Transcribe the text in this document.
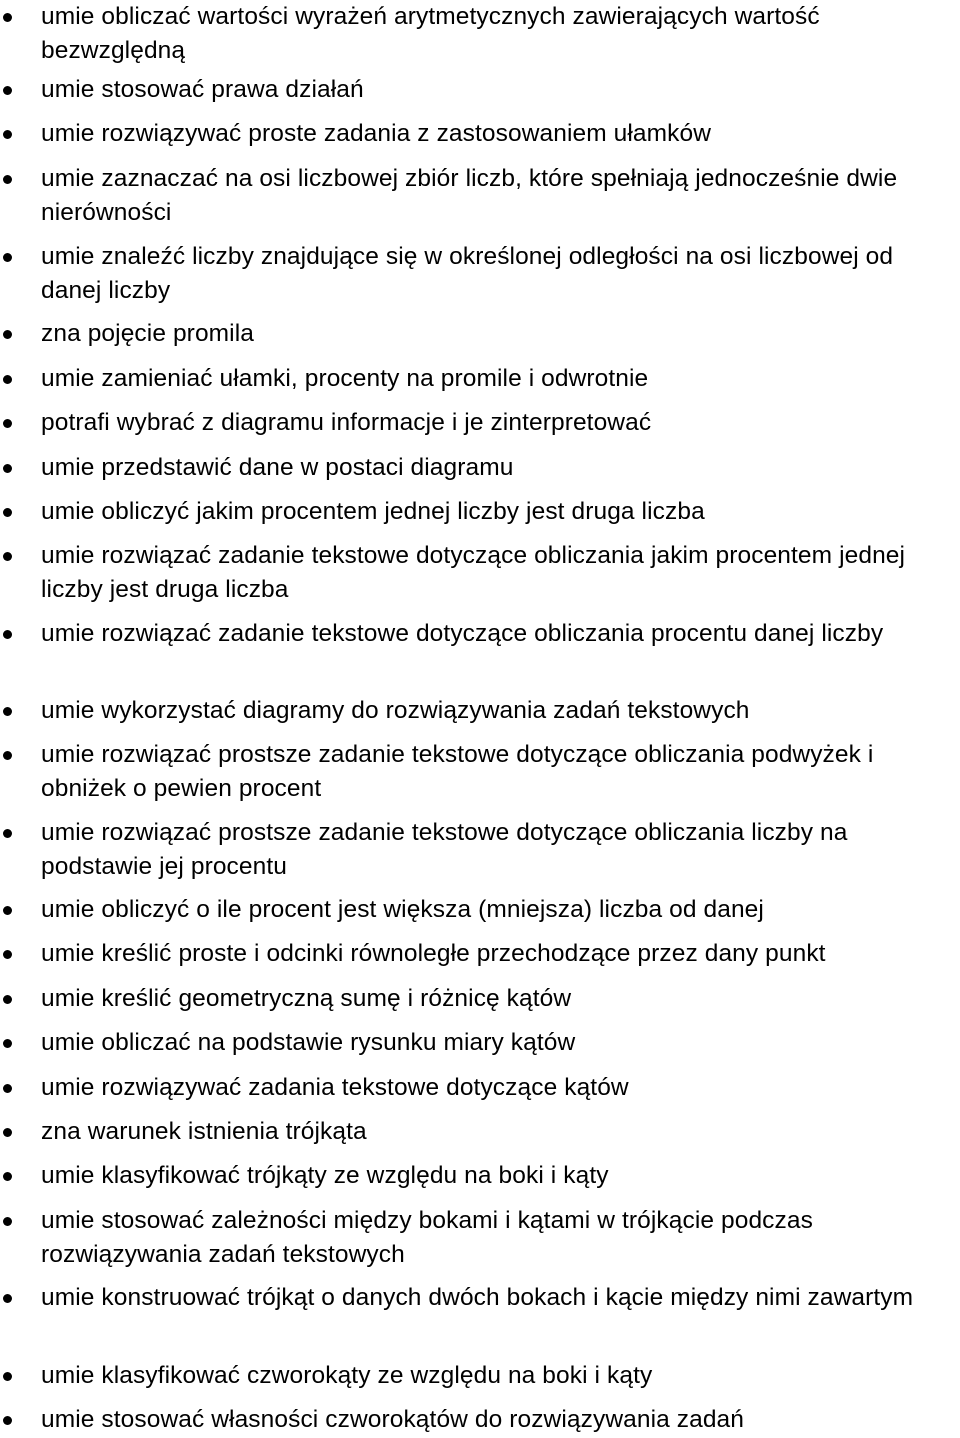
umie obliczać wartości wyrażeń arytmetycznych zawierających wartość bezwzględną

umie stosować prawa działań

umie rozwiązywać proste zadania z zastosowaniem ułamków

umie zaznaczać na osi liczbowej zbiór liczb, które spełniają jednocześnie dwie nierówności

umie znaleźć liczby znajdujące się w określonej odległości na osi liczbowej od danej liczby

zna pojęcie promila

umie zamieniać ułamki, procenty na promile i odwrotnie

potrafi wybrać z diagramu informacje i je zinterpretować

umie przedstawić dane w postaci diagramu

umie obliczyć jakim procentem jednej liczby jest druga liczba

umie rozwiązać zadanie tekstowe dotyczące obliczania jakim procentem jednej liczby jest druga liczba

umie rozwiązać zadanie tekstowe dotyczące obliczania procentu danej liczby

umie wykorzystać diagramy do rozwiązywania zadań tekstowych

umie rozwiązać prostsze zadanie tekstowe dotyczące obliczania podwyżek i obniżek o pewien procent

umie rozwiązać prostsze zadanie tekstowe dotyczące obliczania liczby na podstawie jej procentu

umie obliczyć o ile procent jest większa (mniejsza) liczba od danej

umie kreślić proste i odcinki równoległe przechodzące przez dany punkt

umie kreślić geometryczną sumę i różnicę kątów

umie obliczać na podstawie rysunku miary kątów

umie rozwiązywać zadania tekstowe dotyczące kątów

zna warunek istnienia trójkąta

umie klasyfikować trójkąty ze względu na boki i kąty

umie stosować zależności między bokami i kątami w trójkącie podczas rozwiązywania zadań tekstowych

umie konstruować trójkąt o danych dwóch bokach i kącie między nimi zawartym

umie klasyfikować czworokąty ze względu na boki i kąty

umie stosować własności czworokątów do rozwiązywania zadań
